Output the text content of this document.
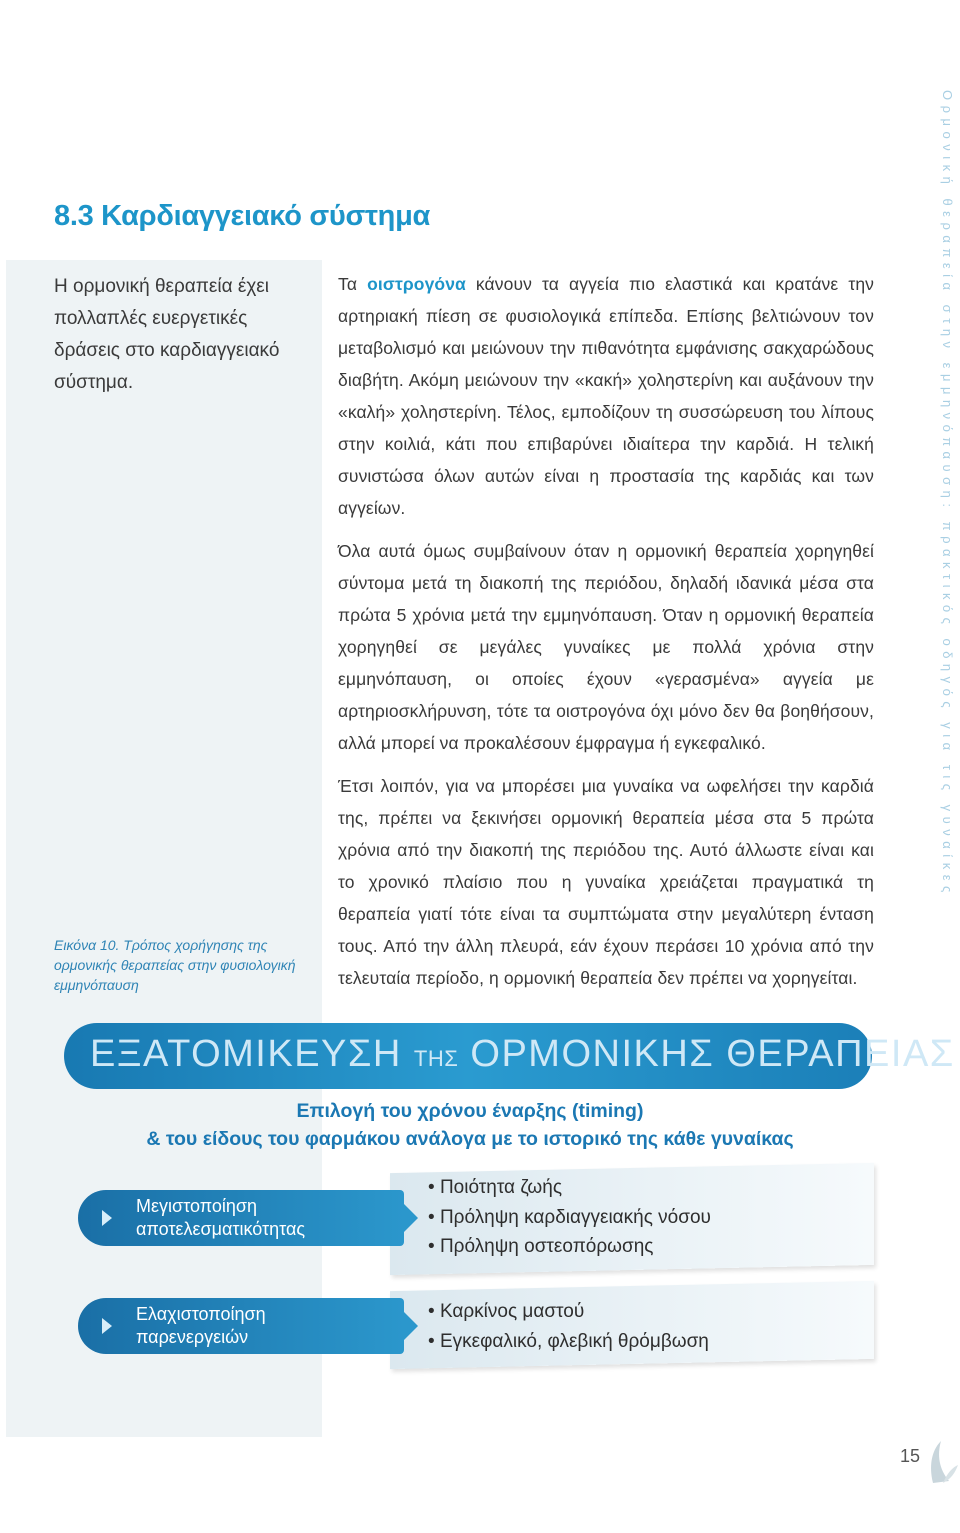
8.3 Καρδιαγγειακό σύστημα

Η ορμονική θεραπεία έχει πολλαπλές ευεργετικές δράσεις στο καρδιαγγειακό σύστημα.

Εικόνα 10. Τρόπος χορήγησης της ορμονικής θεραπείας στην φυσιολογική εμμηνόπαυση

Τα οιστρογόνα κάνουν τα αγγεία πιο ελαστικά και κρατάνε την αρτηριακή πίεση σε φυσιολογικά επίπεδα. Επίσης βελτιώνουν τον μεταβολισμό και μειώνουν την πιθανότητα εμφάνισης σακχαρώδους διαβήτη. Ακόμη μειώνουν την «κακή» χοληστερίνη και αυξάνουν την «καλή» χοληστερίνη. Τέλος, εμποδίζουν τη συσσώρευση του λίπους στην κοιλιά, κάτι που επιβαρύνει ιδιαίτερα την καρδιά. Η τελική συνιστώσα όλων αυτών είναι η προστασία της καρδιάς και των αγγείων.

Όλα αυτά όμως συμβαίνουν όταν η ορμονική θεραπεία χορηγηθεί σύντομα μετά τη διακοπή της περιόδου, δηλαδή ιδανικά μέσα στα πρώτα 5 χρόνια μετά την εμμηνόπαυση. Όταν η ορμονική θεραπεία χορηγηθεί σε μεγάλες γυναίκες με πολλά χρόνια στην εμμηνόπαυση, οι οποίες έχουν «γερασμένα» αγγεία με αρτηριοσκλήρυνση, τότε τα οιστρογόνα όχι μόνο δεν θα βοηθήσουν, αλλά μπορεί να προκαλέσουν έμφραγμα ή εγκεφαλικό.

Έτσι λοιπόν, για να μπορέσει μια γυναίκα να ωφελήσει την καρδιά της, πρέπει να ξεκινήσει ορμονική θεραπεία μέσα στα 5 πρώτα χρόνια από την διακοπή της περιόδου της. Αυτό άλλωστε είναι και το χρονικό πλαίσιο που η γυναίκα χρειάζεται πραγματικά τη θεραπεία γιατί τότε είναι τα συμπτώματα στην μεγαλύτερη ένταση τους. Από την άλλη πλευρά, εάν έχουν περάσει 10 χρόνια από την τελευταία περίοδο, η ορμονική θεραπεία δεν πρέπει να χορηγείται.

ΕΞΑΤΟΜΙΚΕΥΣΗ ΤΗΣ ΟΡΜΟΝΙΚΗΣ ΘΕΡΑΠΕΙΑΣ
Επιλογή του χρόνου έναρξης (timing)
& του είδους του φαρμάκου ανάλογα με το ιστορικό της κάθε γυναίκας
Μεγιστοποίηση
αποτελεσματικότητας
• Ποιότητα ζωής
• Πρόληψη καρδιαγγειακής νόσου
• Πρόληψη οστεοπόρωσης
Ελαχιστοποίηση
παρενεργειών
• Καρκίνος μαστού
• Εγκεφαλικό, φλεβική θρόμβωση
Ορμονική θεραπεία στην εμμηνόπαυση: πρακτικός οδηγός για τις γυναίκες
15
